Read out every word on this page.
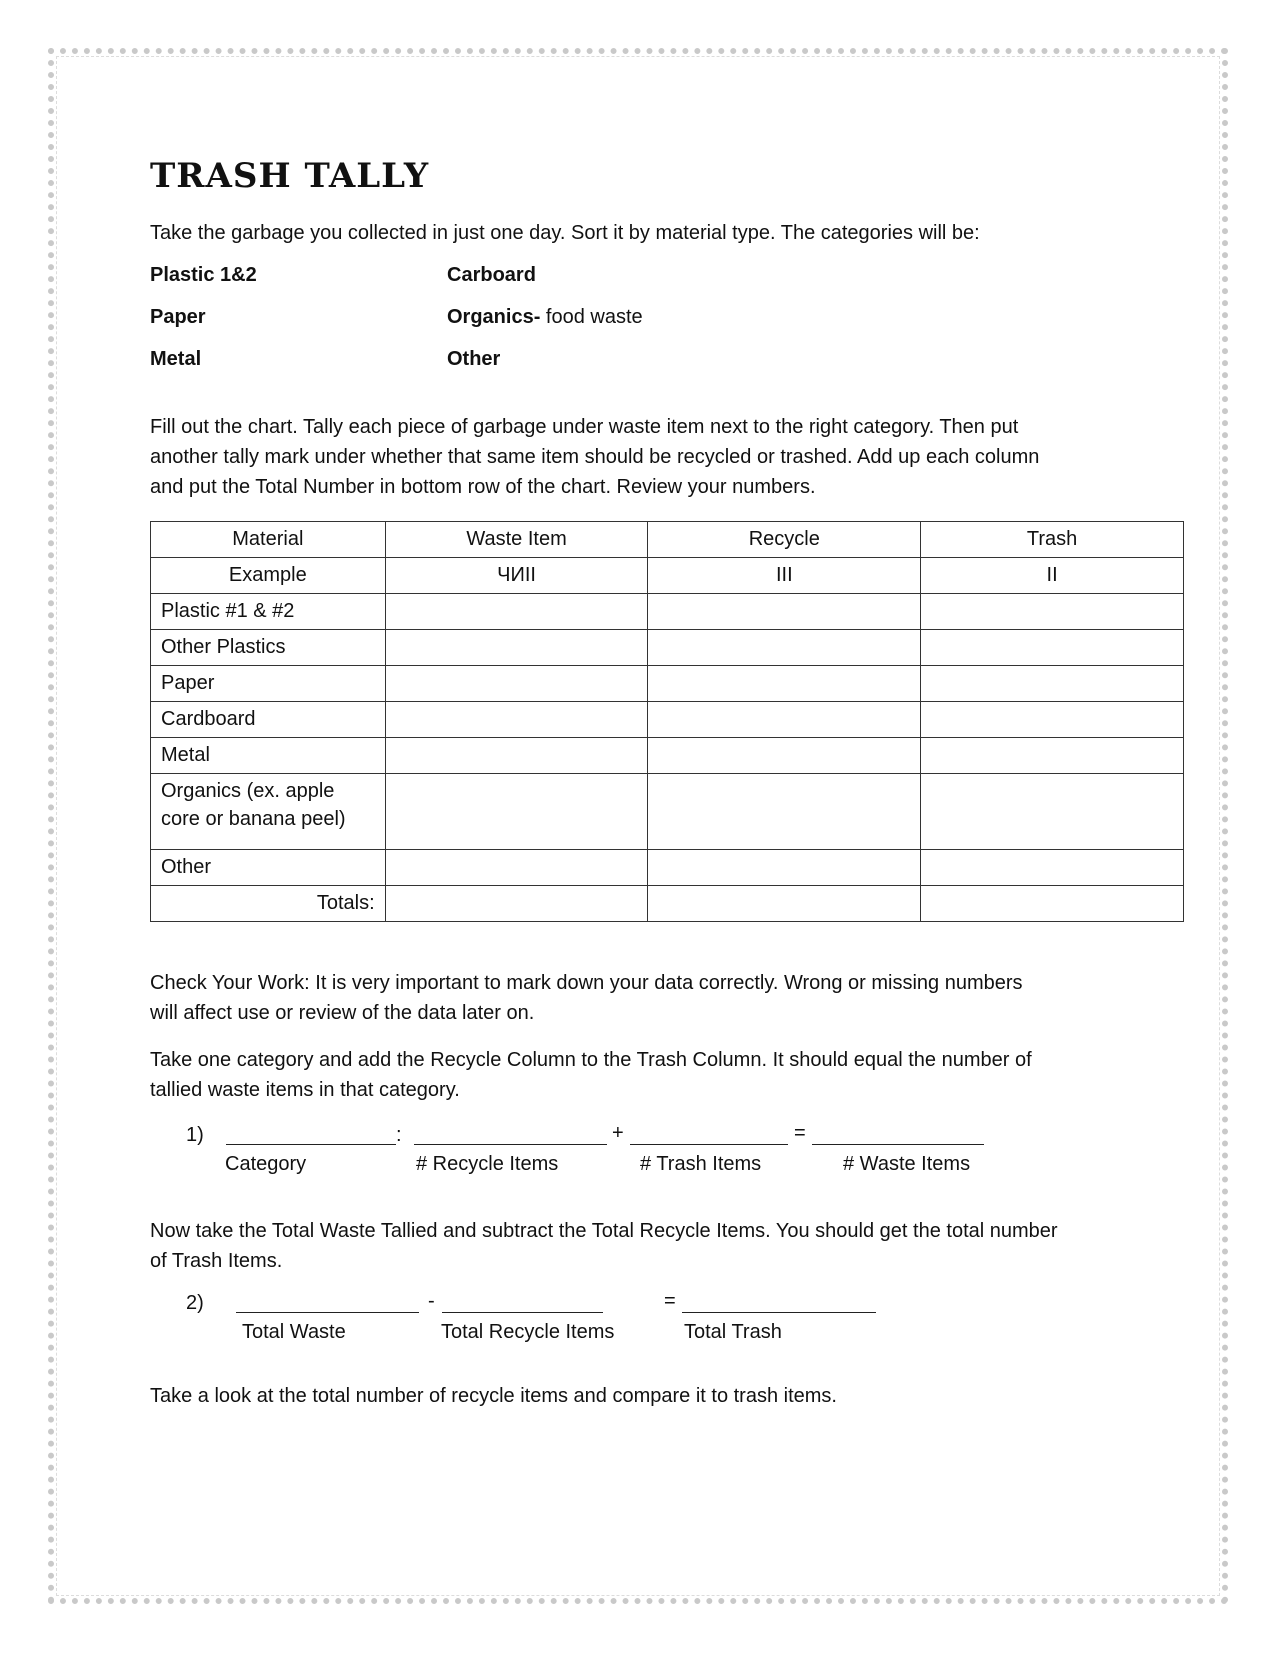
TRASH TALLY
Take the garbage you collected in just one day. Sort it by material type. The categories will be:
Plastic 1&2	Carboard
Paper	Organics- food waste
Metal	Other
Fill out the chart. Tally each piece of garbage under waste item next to the right category. Then put
another tally mark under whether that same item should be recycled or trashed. Add up each column
and put the Total Number in bottom row of the chart. Review your numbers.
Material	Waste Item	Recycle	Trash
Example	ЧИIІ	III	II
Plastic #1 & #2			
Other Plastics			
Paper			
Cardboard			
Metal			
Organics (ex. apple core or banana peel)			
Other			
Totals:			
Check Your Work: It is very important to mark down your data correctly. Wrong or missing numbers
will affect use or review of the data later on.
Take one category and add the Recycle Column to the Trash Column. It should equal the number of
tallied waste items in that category.
1)	:	+	=
Category	# Recycle Items	# Trash Items	# Waste Items
Now take the Total Waste Tallied and subtract the Total Recycle Items. You should get the total number
of Trash Items.
2)	-	=
Total Waste	Total Recycle Items	Total Trash
Take a look at the total number of recycle items and compare it to trash items.
